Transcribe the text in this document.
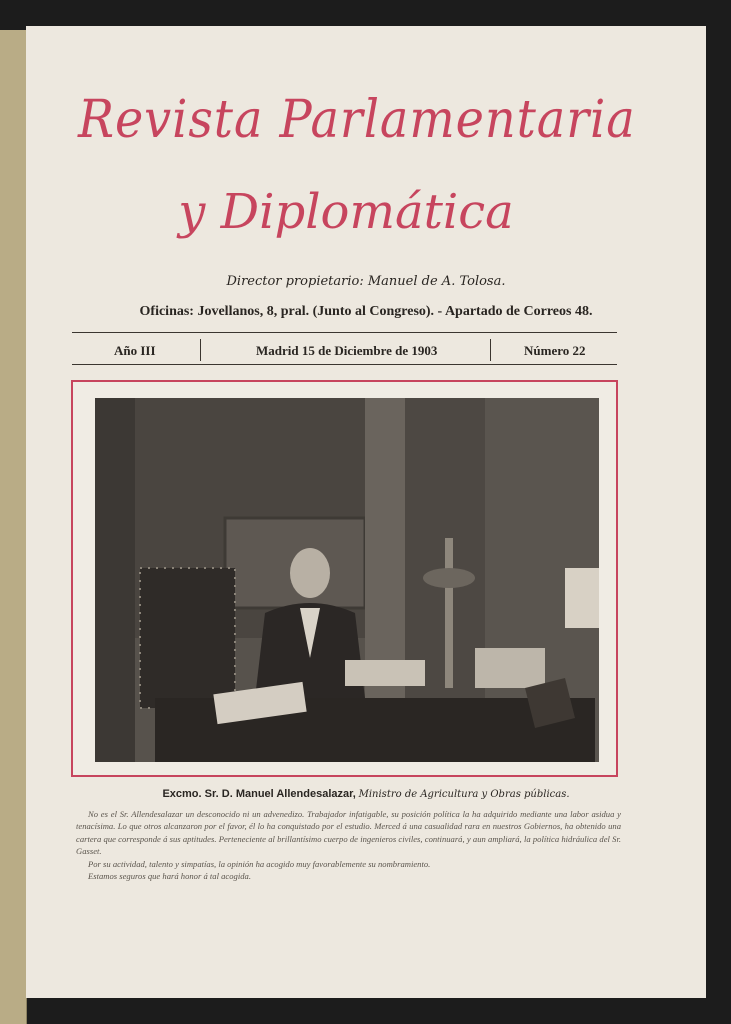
Revista Parlamentaria
y Diplomática
Director propietario: Manuel de A. Tolosa.
Oficinas: Jovellanos, 8, pral. (Junto al Congreso). - Apartado de Correos 48.
Año III	Madrid 15 de Diciembre de 1903	Número 22
Excmo. Sr. D. Manuel Allendesalazar, Ministro de Agricultura y Obras públicas.

No es el Sr. Allendesalazar un desconocido ni un advenedizo. Trabajador infatigable, su posición política la ha adquirido mediante una labor asidua y tenacísima. Lo que otros alcanzaron por el favor, él lo ha conquistado por el estudio. Merced á una casualidad rara en nuestros Gobiernos, ha obtenido una cartera que corresponde á sus aptitudes. Perteneciente al brillantísimo cuerpo de ingenieros civiles, continuará, y aun ampliará, la política hidráulica del Sr. Gasset.

Por su actividad, talento y simpatías, la opinión ha acogido muy favorablemente su nombramiento.

Estamos seguros que hará honor á tal acogida.
